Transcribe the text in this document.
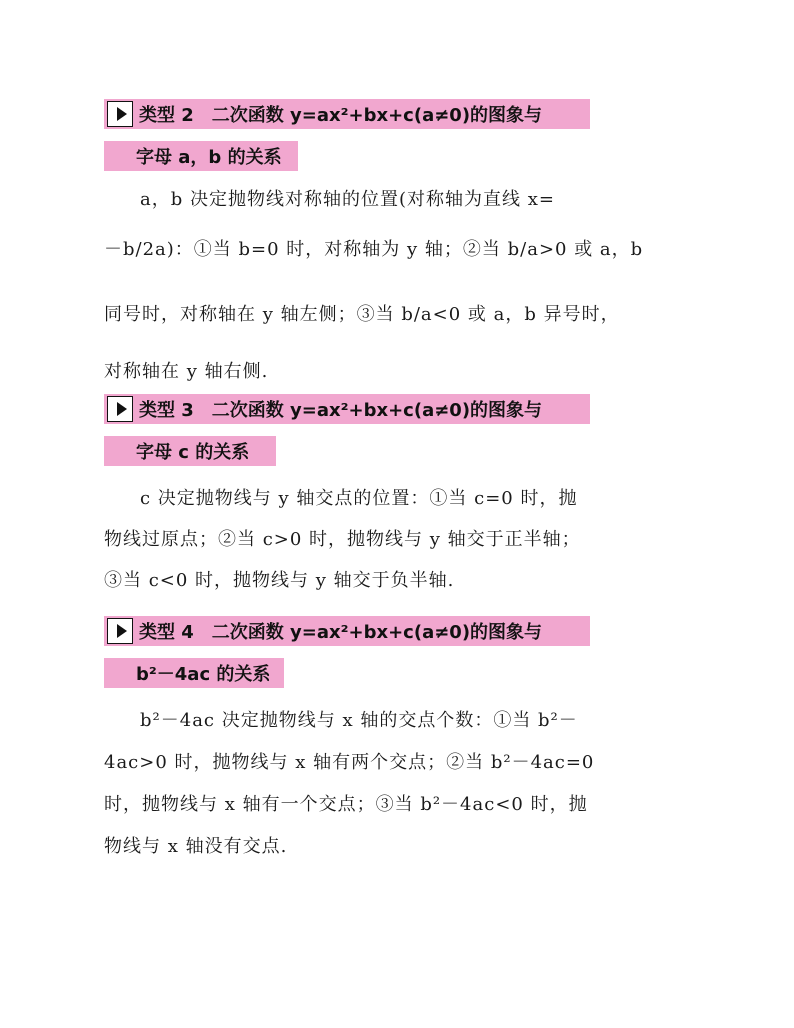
类型 2　二次函数 y=ax²+bx+c(a≠0)的图象与
字母 a，b 的关系
a，b 决定抛物线对称轴的位置(对称轴为直线 x=
－b/2a)：①当 b=0 时，对称轴为 y 轴；②当 b/a>0 或 a，b
同号时，对称轴在 y 轴左侧；③当 b/a<0 或 a，b 异号时，
对称轴在 y 轴右侧.
类型 3　二次函数 y=ax²+bx+c(a≠0)的图象与
字母 c 的关系
c 决定抛物线与 y 轴交点的位置：①当 c=0 时，抛
物线过原点；②当 c>0 时，抛物线与 y 轴交于正半轴；
③当 c<0 时，抛物线与 y 轴交于负半轴.
类型 4　二次函数 y=ax²+bx+c(a≠0)的图象与
b²－4ac 的关系
b²－4ac 决定抛物线与 x 轴的交点个数：①当 b²－
4ac>0 时，抛物线与 x 轴有两个交点；②当 b²－4ac=0
时，抛物线与 x 轴有一个交点；③当 b²－4ac<0 时，抛
物线与 x 轴没有交点.
